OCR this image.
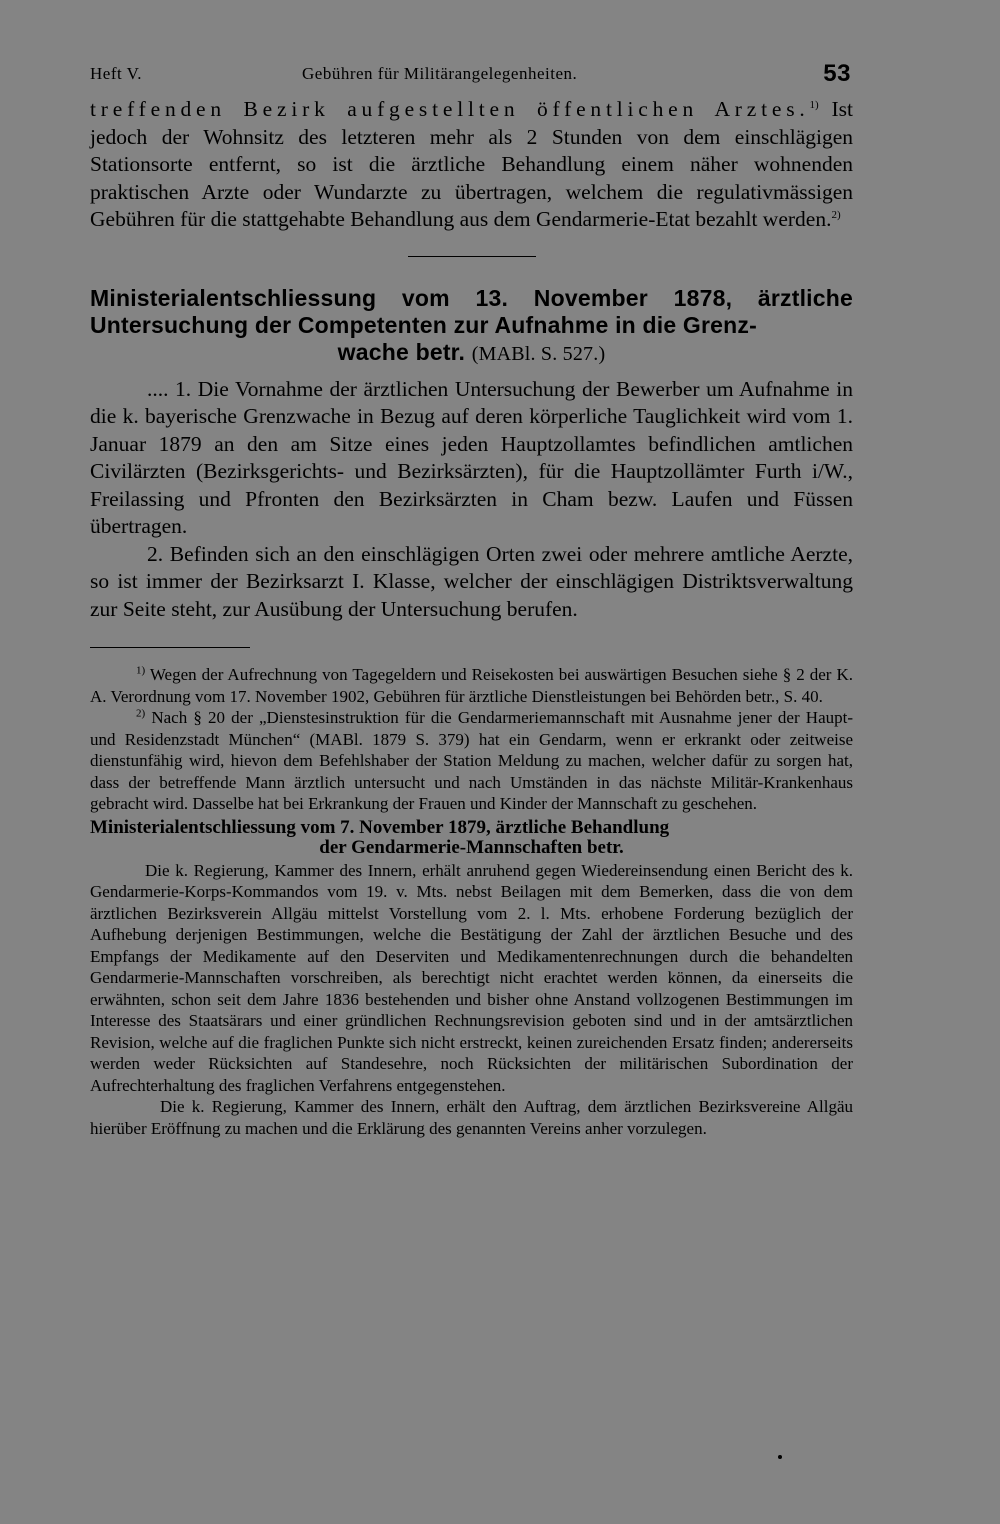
Heft V.	Gebühren für Militärangelegenheiten.	53

treffenden Bezirk aufgestellten öffentlichen Arztes.$^{1)}$ Ist jedoch der Wohnsitz des letzteren mehr als 2 Stunden von dem einschlägigen Stationsorte entfernt, so ist die ärztliche Behandlung einem näher wohnenden praktischen Arzte oder Wundarzte zu übertragen, welchem die regulativmässigen Gebühren für die stattgehabte Behandlung aus dem Gendarmerie-Etat bezahlt werden.$^{2)}$

Ministerialentschliessung vom 13. November 1878, ärztliche Untersuchung der Competenten zur Aufnahme in die Grenz-
wache betr. (MABl. S. 527.)

.... 1. Die Vornahme der ärztlichen Untersuchung der Bewerber um Aufnahme in die k. bayerische Grenzwache in Bezug auf deren körperliche Tauglichkeit wird vom 1. Januar 1879 an den am Sitze eines jeden Hauptzollamtes befindlichen amtlichen Civilärzten (Bezirksgerichts- und Bezirksärzten), für die Hauptzollämter Furth i/W., Freilassing und Pfronten den Bezirksärzten in Cham bezw. Laufen und Füssen übertragen.

2. Befinden sich an den einschlägigen Orten zwei oder mehrere amtliche Aerzte, so ist immer der Bezirksarzt I. Klasse, welcher der einschlägigen Distriktsverwaltung zur Seite steht, zur Ausübung der Untersuchung berufen.

$^{1)}$ Wegen der Aufrechnung von Tagegeldern und Reisekosten bei auswärtigen Besuchen siehe § 2 der K. A. Verordnung vom 17. November 1902, Gebühren für ärztliche Dienstleistungen bei Behörden betr., S. 40.

$^{2)}$ Nach § 20 der „Dienstesinstruktion für die Gendarmeriemannschaft mit Ausnahme jener der Haupt- und Residenzstadt München“ (MABl. 1879 S. 379) hat ein Gendarm, wenn er erkrankt oder zeitweise dienstunfähig wird, hievon dem Befehlshaber der Station Meldung zu machen, welcher dafür zu sorgen hat, dass der betreffende Mann ärztlich untersucht und nach Umständen in das nächste Militär-Krankenhaus gebracht wird. Dasselbe hat bei Erkrankung der Frauen und Kinder der Mannschaft zu geschehen.

Ministerialentschliessung vom 7. November 1879, ärztliche Behandlung
der Gendarmerie-Mannschaften betr.

Die k. Regierung, Kammer des Innern, erhält anruhend gegen Wiedereinsendung einen Bericht des k. Gendarmerie-Korps-Kommandos vom 19. v. Mts. nebst Beilagen mit dem Bemerken, dass die von dem ärztlichen Bezirksverein Allgäu mittelst Vorstellung vom 2. l. Mts. erhobene Forderung bezüglich der Aufhebung derjenigen Bestimmungen, welche die Bestätigung der Zahl der ärztlichen Besuche und des Empfangs der Medikamente auf den Deserviten und Medikamentenrechnungen durch die behandelten Gendarmerie-Mannschaften vorschreiben, als berechtigt nicht erachtet werden können, da einerseits die erwähnten, schon seit dem Jahre 1836 bestehenden und bisher ohne Anstand vollzogenen Bestimmungen im Interesse des Staatsärars und einer gründlichen Rechnungsrevision geboten sind und in der amtsärztlichen Revision, welche auf die fraglichen Punkte sich nicht erstreckt, keinen zureichenden Ersatz finden; andererseits werden weder Rücksichten auf Standesehre, noch Rücksichten der militärischen Subordination der Aufrechterhaltung des fraglichen Verfahrens entgegenstehen.

Die k. Regierung, Kammer des Innern, erhält den Auftrag, dem ärztlichen Bezirksvereine Allgäu hierüber Eröffnung zu machen und die Erklärung des genannten Vereins anher vorzulegen.
